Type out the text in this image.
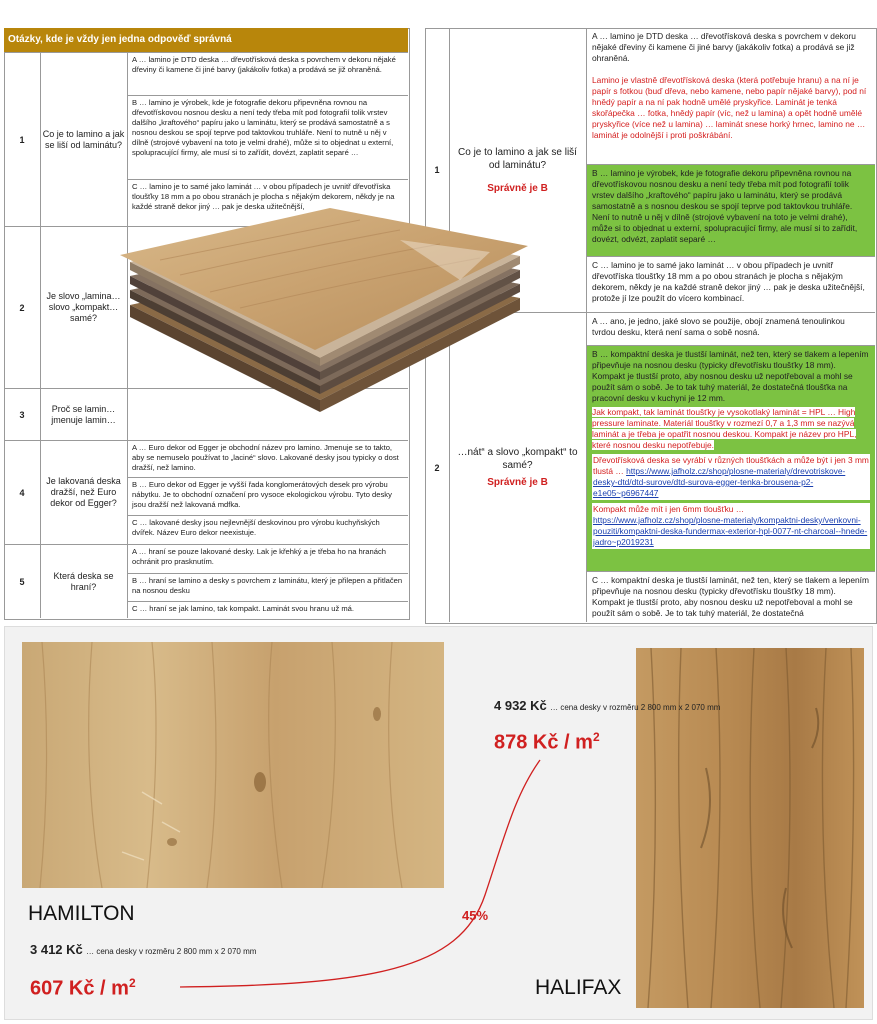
Otázky, kde je vždy jen jedna odpověď správná
1
Co je to lamino a jak se liší od laminátu?
A … lamino je DTD deska … dřevotřísková deska s povrchem v dekoru nějaké dřeviny či kamene či jiné barvy (jakákoliv fotka) a prodává se již ohraněná.
B … lamino je výrobek, kde je fotografie dekoru připevněna rovnou na dřevotřískovou nosnou desku a není tedy třeba mít pod fotografií tolik vrstev dalšího „kraftového“ papíru jako u laminátu, který se prodává samostatně a s nosnou deskou se spojí teprve pod taktovkou truhláře. Není to nutně u něj v dílně (strojové vybavení na toto je velmi drahé), může si to objednat u externí, spolupracující firmy, ale musí si to zařídit, dovézt, zaplatit separé …
C … lamino je to samé jako laminát … v obou případech je uvnitř dřevotříska tloušťky 18 mm a po obou stranách je plocha s nějakým dekorem, někdy je na každé straně dekor jiný … pak je deska užitečnější,
2
Je slovo „lamina… slovo „kompakt… samé?
3
Proč se lamin… jmenuje lamin…
4
Je lakovaná deska dražší, než Euro dekor od Egger?
A … Euro dekor od Egger je obchodní název pro lamino. Jmenuje se to takto, aby se nemuselo používat to „laciné“ slovo. Lakované desky jsou typicky o dost dražší, než lamino.
B … Euro dekor od Egger je vyšší řada konglomerátových desek pro výrobu nábytku. Je to obchodní označení pro vysoce ekologickou výrobu. Tyto desky jsou dražší než lakovaná mdfka.
C … lakované desky jsou nejlevnější deskovinou pro výrobu kuchyňských dvířek. Název Euro dekor neexistuje.
5
Která deska se hraní?
A … hraní se pouze lakované desky. Lak je křehký a je třeba ho na hranách ochránit pro prasknutím.
B … hraní se lamino a desky s povrchem z laminátu, který je přilepen a přitlačen na nosnou desku
C … hraní se jak lamino, tak kompakt. Laminát svou hranu už má.
1
Co je to lamino a jak se liší od laminátu?
Správně je B
A … lamino je DTD deska … dřevotřísková deska s povrchem v dekoru nějaké dřeviny či kamene či jiné barvy (jakákoliv fotka) a prodává se již ohraněná.
Lamino je vlastně dřevotřísková deska (která potřebuje hranu) a na ní je papír s fotkou (buď dřeva, nebo kamene, nebo papír nějaké barvy), pod ní hnědý papír a na ní pak hodně umělé pryskyřice. Laminát je tenká skořápečka … fotka, hnědý papír (víc, než u lamina) a opět hodně umělé pryskyřice (více než u lamina) … laminát snese horký hrnec, lamino ne … laminát je odolnější i proti poškrábání.
B … lamino je výrobek, kde je fotografie dekoru připevněna rovnou na dřevotřískovou nosnou desku a není tedy třeba mít pod fotografií tolik vrstev dalšího „kraftového“ papíru jako u laminátu, který se prodává samostatně a s nosnou deskou se spojí teprve pod taktovkou truhláře. Není to nutně u něj v dílně (strojové vybavení na toto je velmi drahé), může si to objednat u externí, spolupracující firmy, ale musí si to zařídit, dovézt, odvézt, zaplatit separé …
C … lamino je to samé jako laminát … v obou případech je uvnitř dřevotříska tloušťky 18 mm a po obou stranách je plocha s nějakým dekorem, někdy je na každé straně dekor jiný … pak je deska užitečnější, protože jí lze použít do vícero kombinací.
2
…nát“ a slovo „kompakt“ to samé?
Správně je B
A … ano, je jedno, jaké slovo se použije, obojí znamená tenoulinkou tvrdou desku, která není sama o sobě nosná.
B … kompaktní deska je tlustší laminát, než ten, který se tlakem a lepením připevňuje na nosnou desku (typicky dřevotřísku tloušťky 18 mm). Kompakt je tlustší proto, aby nosnou desku už nepotřeboval a mohl se použít sám o sobě. Je to tak tuhý materiál, že dostatečná tloušťka na pracovní desku v kuchyni je 12 mm.
Jak kompakt, tak laminát tloušťky je vysokotlaký laminát = HPL … High pressure laminate. Materiál tloušťky v rozmezí 0,7 a 1,3 mm se nazývá laminát a je třeba je opatřit nosnou deskou. Kompakt je název pro HPL, které nosnou desku nepotřebuje.
Dřevotřísková deska se vyrábí v různých tloušťkách a může být i jen 3 mm tlustá … https://www.jafholz.cz/shop/plosne-materialy/drevotriskove-desky-dtd/dtd-surove/dtd-surova-egger-tenka-brousena-p2-e1e05~p6967447
Kompakt může mít i jen 6mm tloušťku … https://www.jafholz.cz/shop/plosne-materialy/kompaktni-desky/venkovni-pouziti/kompaktni-deska-fundermax-exterior-hpl-0077-nt-charcoal--hnede-jadro~p2019231
C … kompaktní deska je tlustší laminát, než ten, který se tlakem a lepením připevňuje na nosnou desku (typicky dřevotřísku tloušťky 18 mm). Kompakt je tlustší proto, aby nosnou desku už nepotřeboval a mohl se použít sám o sobě. Je to tak tuhý materiál, že dostatečná
HAMILTON
3 412 Kč … cena desky v rozměru 2 800 mm x 2 070 mm
607 Kč / $m^2$
4 932 Kč … cena desky v rozměru 2 800 mm x 2 070 mm
878 Kč / $m^2$
HALIFAX
45%
